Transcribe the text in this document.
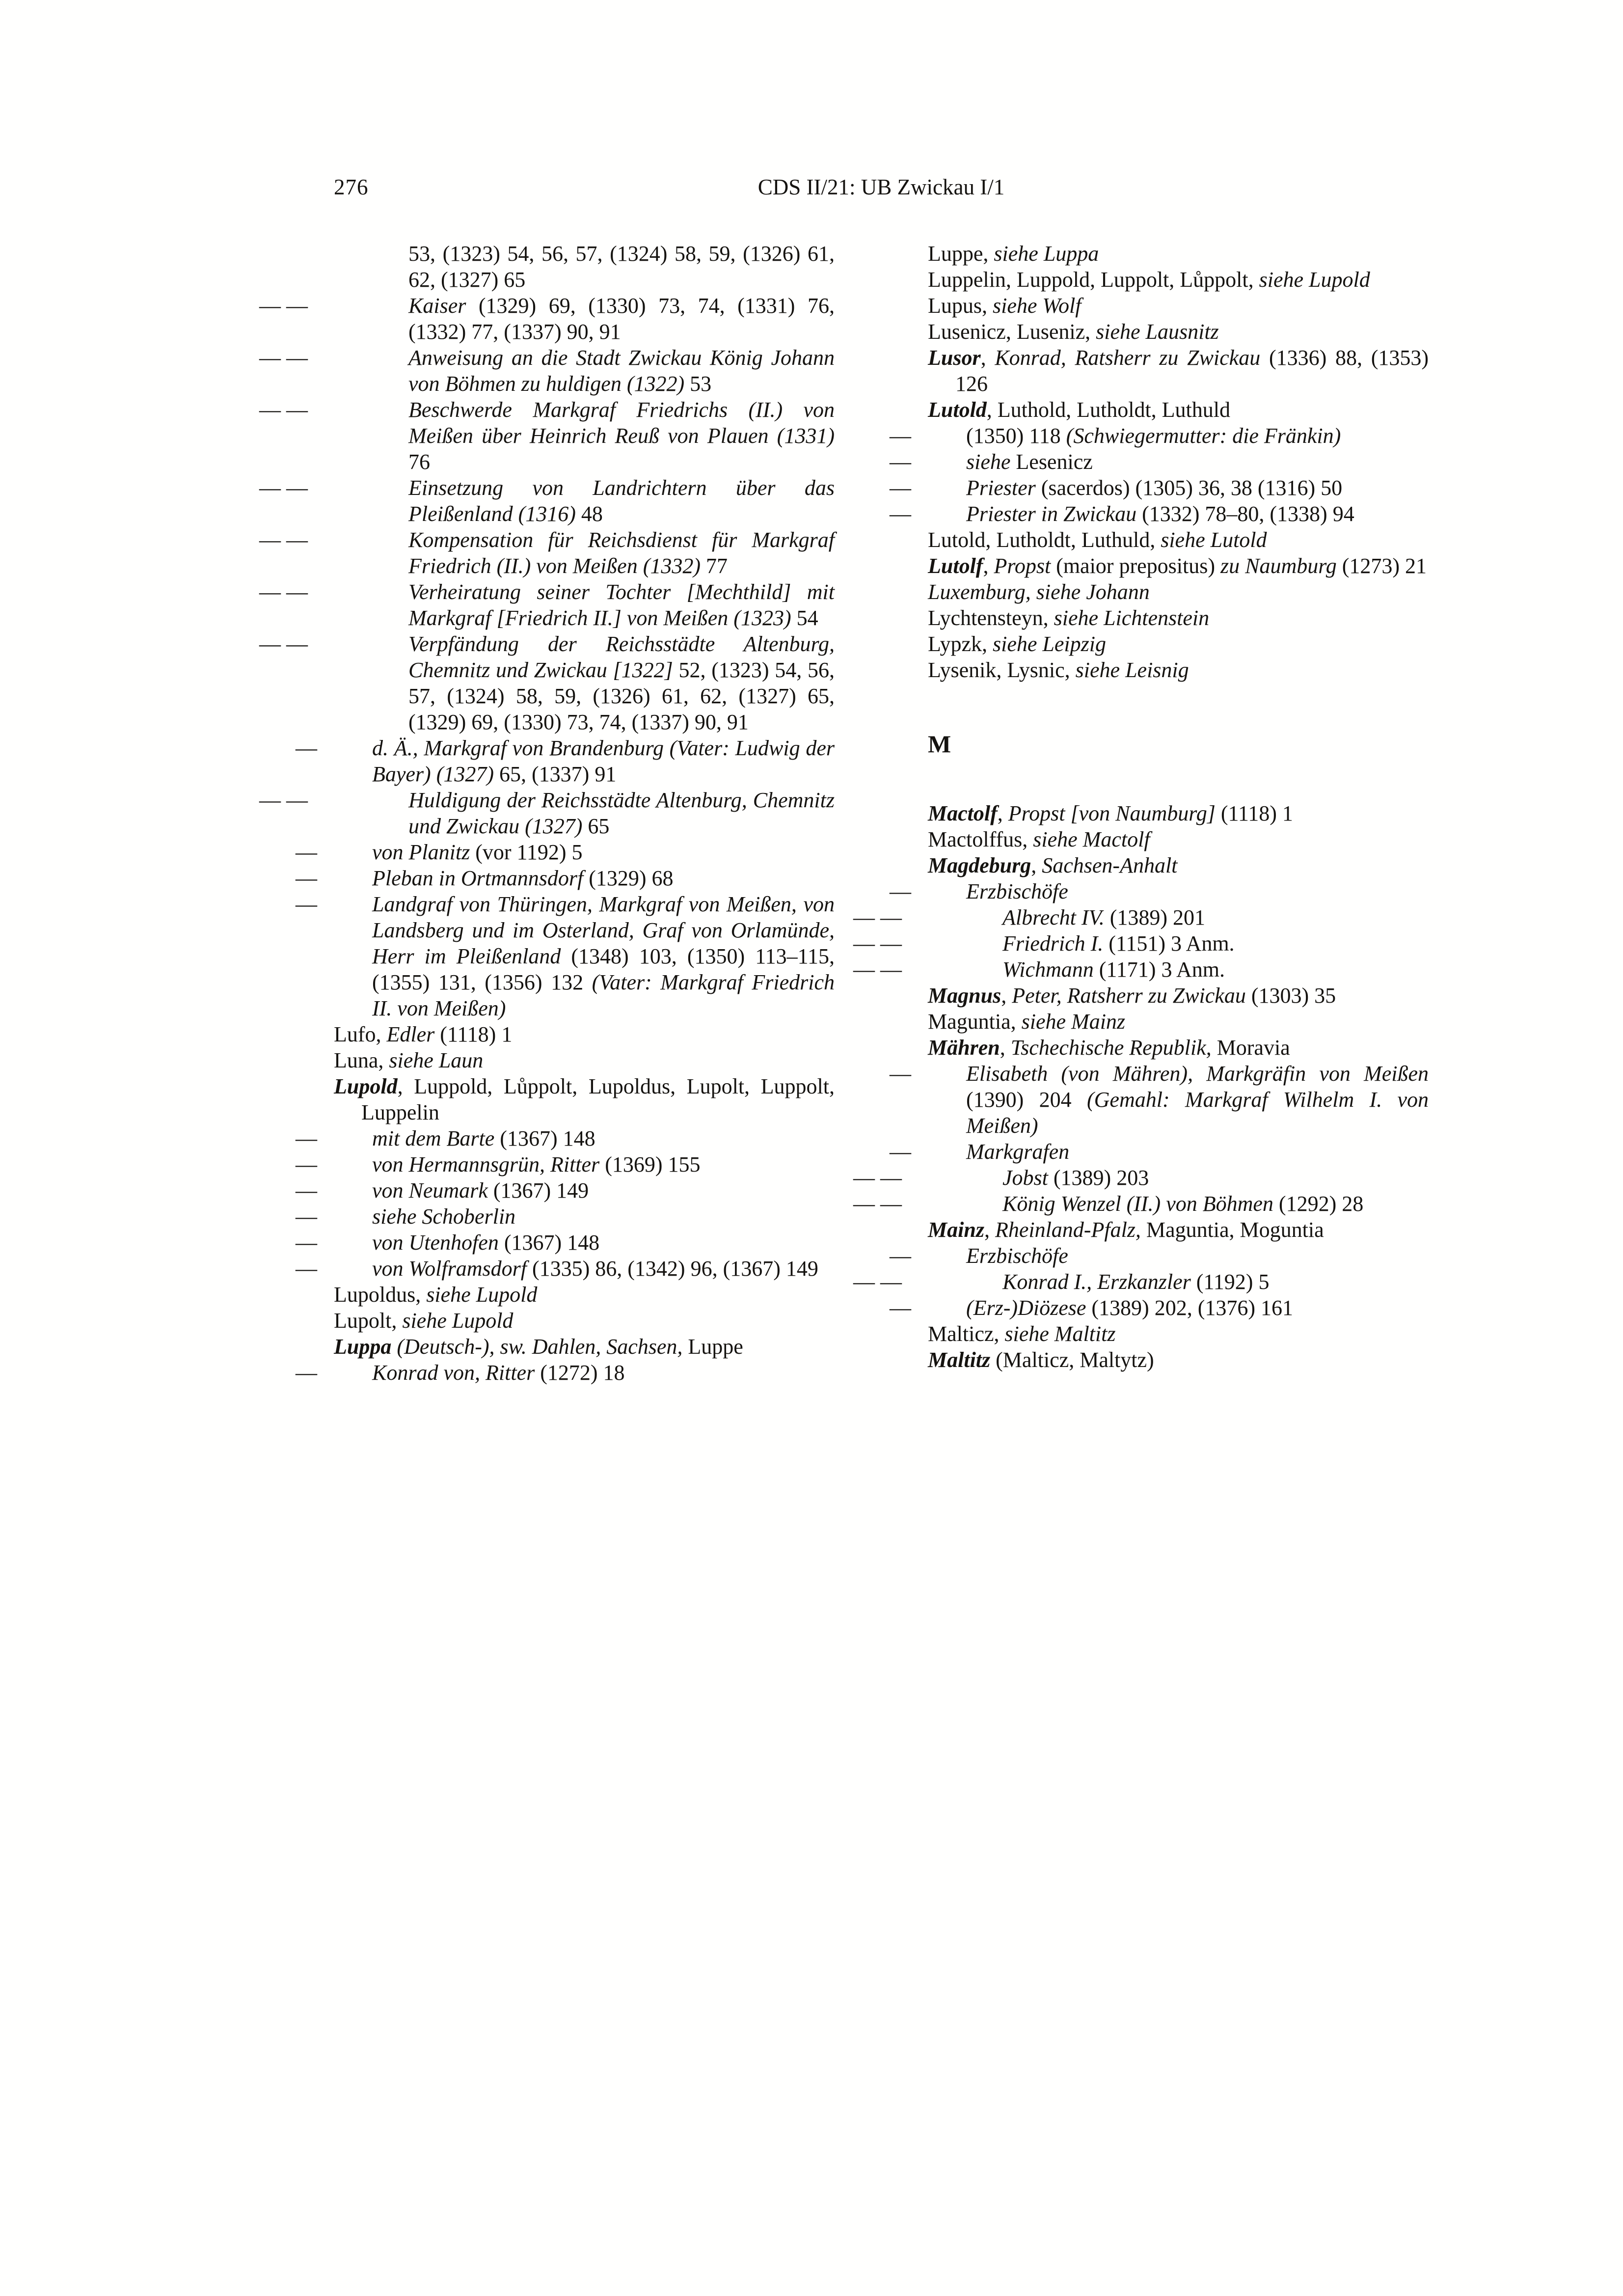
276	CDS II/21: UB Zwickau I/1

53, (1323) 54, 56, 57, (1324) 58, 59, (1326) 61, 62, (1327) 65

— —	Kaiser (1329) 69, (1330) 73, 74, (1331) 76, (1332) 77, (1337) 90, 91

— —	Anweisung an die Stadt Zwickau König Johann von Böhmen zu huldigen (1322) 53

— —	Beschwerde Markgraf Friedrichs (II.) von Meißen über Heinrich Reuß von Plauen (1331) 76

— —	Einsetzung von Landrichtern über das Pleißenland (1316) 48

— —	Kompensation für Reichsdienst für Markgraf Friedrich (II.) von Meißen (1332) 77

— —	Verheiratung seiner Tochter [Mechthild] mit Markgraf [Friedrich II.] von Meißen (1323) 54

— —	Verpfändung der Reichsstädte Altenburg, Chemnitz und Zwickau [1322] 52, (1323) 54, 56, 57, (1324) 58, 59, (1326) 61, 62, (1327) 65, (1329) 69, (1330) 73, 74, (1337) 90, 91

—	d. Ä., Markgraf von Brandenburg (Vater: Ludwig der Bayer) (1327) 65, (1337) 91

— —	Huldigung der Reichsstädte Altenburg, Chemnitz und Zwickau (1327) 65

—	von Planitz (vor 1192) 5

—	Pleban in Ortmannsdorf (1329) 68

—	Landgraf von Thüringen, Markgraf von Meißen, von Landsberg und im Osterland, Graf von Orlamünde, Herr im Pleißenland (1348) 103, (1350) 113–115, (1355) 131, (1356) 132 (Vater: Markgraf Friedrich II. von Meißen)

Lufo, Edler (1118) 1

Luna, siehe Laun

Lupold, Luppold, Lůppolt, Lupoldus, Lupolt, Luppolt, Luppelin

—	mit dem Barte (1367) 148

—	von Hermannsgrün, Ritter (1369) 155

—	von Neumark (1367) 149

—	siehe Schoberlin

—	von Utenhofen (1367) 148

—	von Wolframsdorf (1335) 86, (1342) 96, (1367) 149

Lupoldus, siehe Lupold

Lupolt, siehe Lupold

Luppa (Deutsch-), sw. Dahlen, Sachsen, Luppe

—	Konrad von, Ritter (1272) 18

Luppe, siehe Luppa

Luppelin, Luppold, Luppolt, Lůppolt, siehe Lupold

Lupus, siehe Wolf

Lusenicz, Luseniz, siehe Lausnitz

Lusor, Konrad, Ratsherr zu Zwickau (1336) 88, (1353) 126

Lutold, Luthold, Lutholdt, Luthuld

—	(1350) 118 (Schwiegermutter: die Fränkin)

—	siehe Lesenicz

—	Priester (sacerdos) (1305) 36, 38 (1316) 50

—	Priester in Zwickau (1332) 78–80, (1338) 94

Lutold, Lutholdt, Luthuld, siehe Lutold

Lutolf, Propst (maior prepositus) zu Naumburg (1273) 21

Luxemburg, siehe Johann

Lychtensteyn, siehe Lichtenstein

Lypzk, siehe Leipzig

Lysenik, Lysnic, siehe Leisnig

M

Mactolf, Propst [von Naumburg] (1118) 1

Mactolffus, siehe Mactolf

Magdeburg, Sachsen-Anhalt

—	Erzbischöfe

— —	Albrecht IV. (1389) 201

— —	Friedrich I. (1151) 3 Anm.

— —	Wichmann (1171) 3 Anm.

Magnus, Peter, Ratsherr zu Zwickau (1303) 35

Maguntia, siehe Mainz

Mähren, Tschechische Republik, Moravia

—	Elisabeth (von Mähren), Markgräfin von Meißen (1390) 204 (Gemahl: Markgraf Wilhelm I. von Meißen)

—	Markgrafen

— —	Jobst (1389) 203

— —	König Wenzel (II.) von Böhmen (1292) 28

Mainz, Rheinland-Pfalz, Maguntia, Moguntia

—	Erzbischöfe

— —	Konrad I., Erzkanzler (1192) 5

—	(Erz-)Diözese (1389) 202, (1376) 161

Malticz, siehe Maltitz

Maltitz (Malticz, Maltytz)
